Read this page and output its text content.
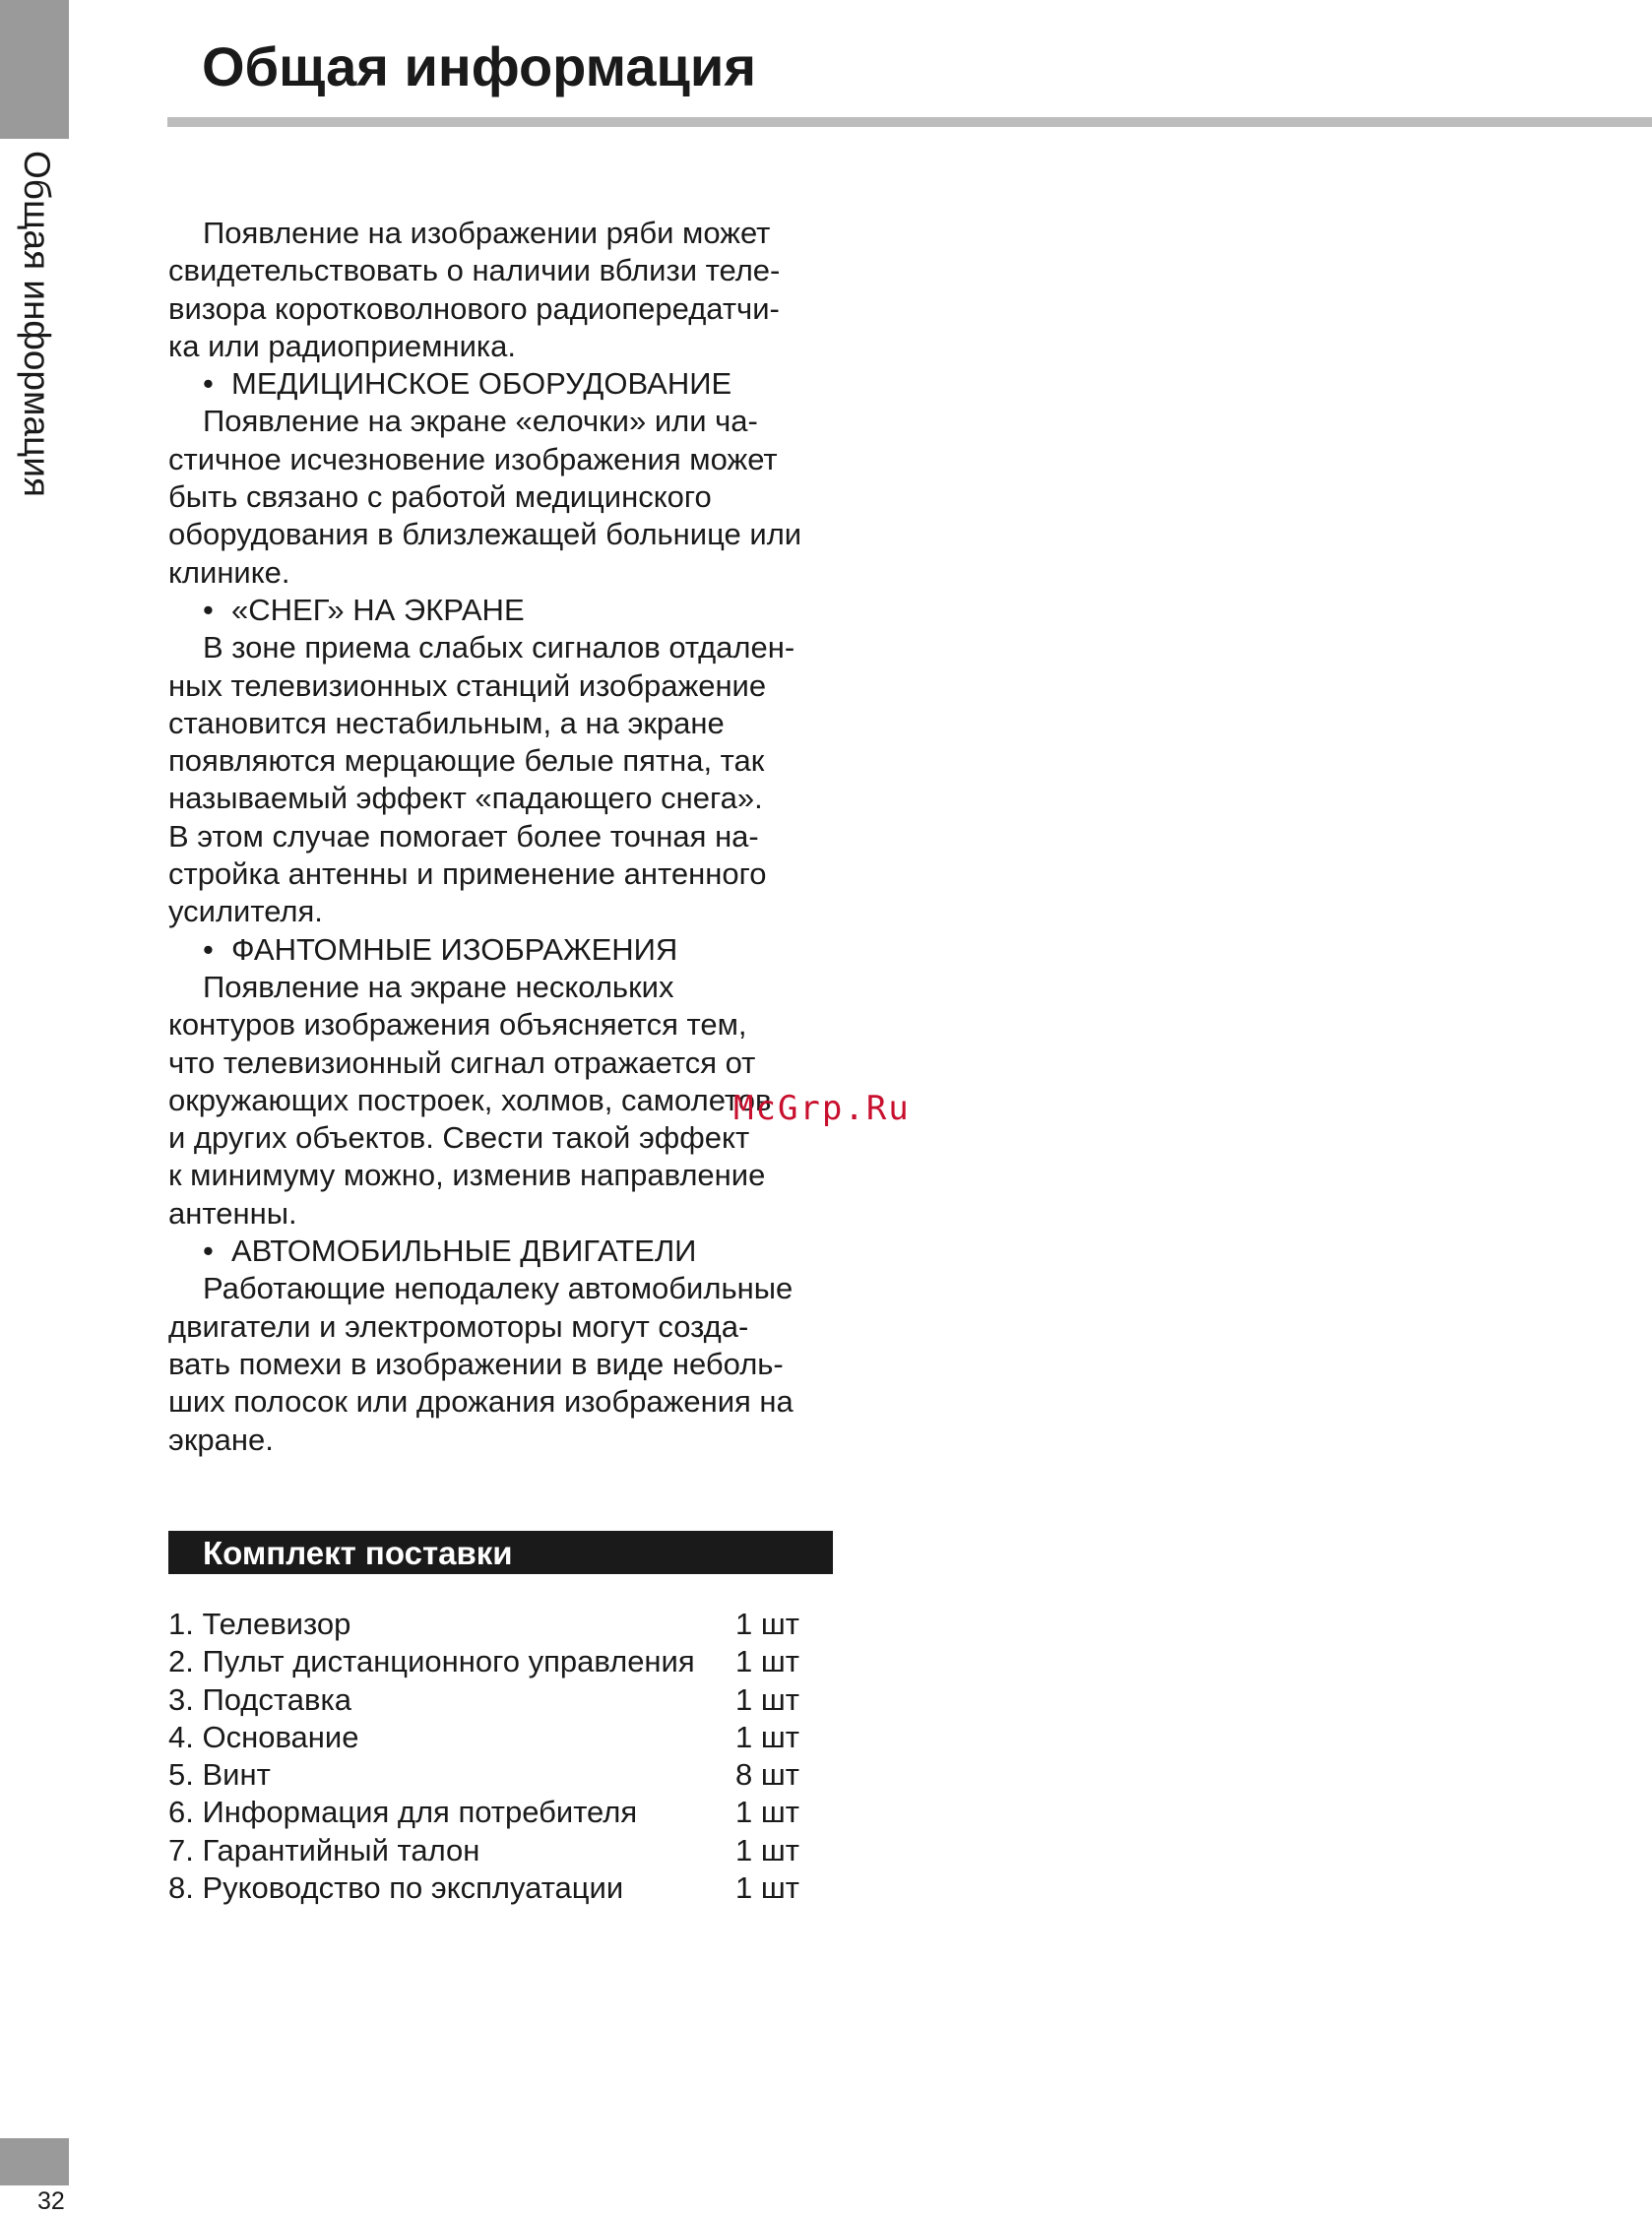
Общая информация
32
Общая информация
Появление на изображении ряби может
свидетельствовать о наличии вблизи теле-
визора коротковолнового радиопередатчи-
ка или радиоприемника.
• МЕДИЦИНСКОЕ ОБОРУДОВАНИЕ
Появление на экране «елочки» или ча-
стичное исчезновение изображения может
быть связано с работой медицинского
оборудования в близлежащей больнице или
клинике.
• «СНЕГ» НА ЭКРАНЕ
В зоне приема слабых сигналов отдален-
ных телевизионных станций изображение
становится нестабильным, а на экране
появляются мерцающие белые пятна, так
называемый эффект «падающего снега».
В этом случае помогает более точная на-
стройка антенны и применение антенного
усилителя.
• ФАНТОМНЫЕ ИЗОБРАЖЕНИЯ
Появление на экране нескольких
контуров изображения объясняется тем,
что телевизионный сигнал отражается от
окружающих построек, холмов, самолетов
и других объектов. Свести такой эффект
к минимуму можно, изменив направление
антенны.
• АВТОМОБИЛЬНЫЕ ДВИГАТЕЛИ
Работающие неподалеку автомобильные
двигатели и электромоторы могут созда-
вать помехи в изображении в виде неболь-
ших полосок или дрожания изображения на
экране.
Комплект поставки
1. Телевизор	1 шт
2. Пульт дистанционного управления 1 шт
3. Подставка	1 шт
4. Основание	1 шт
5. Винт	8 шт
6. Информация для потребителя	1 шт
7. Гарантийный талон	1 шт
8. Руководство по эксплуатации	1 шт
McGrp.Ru
